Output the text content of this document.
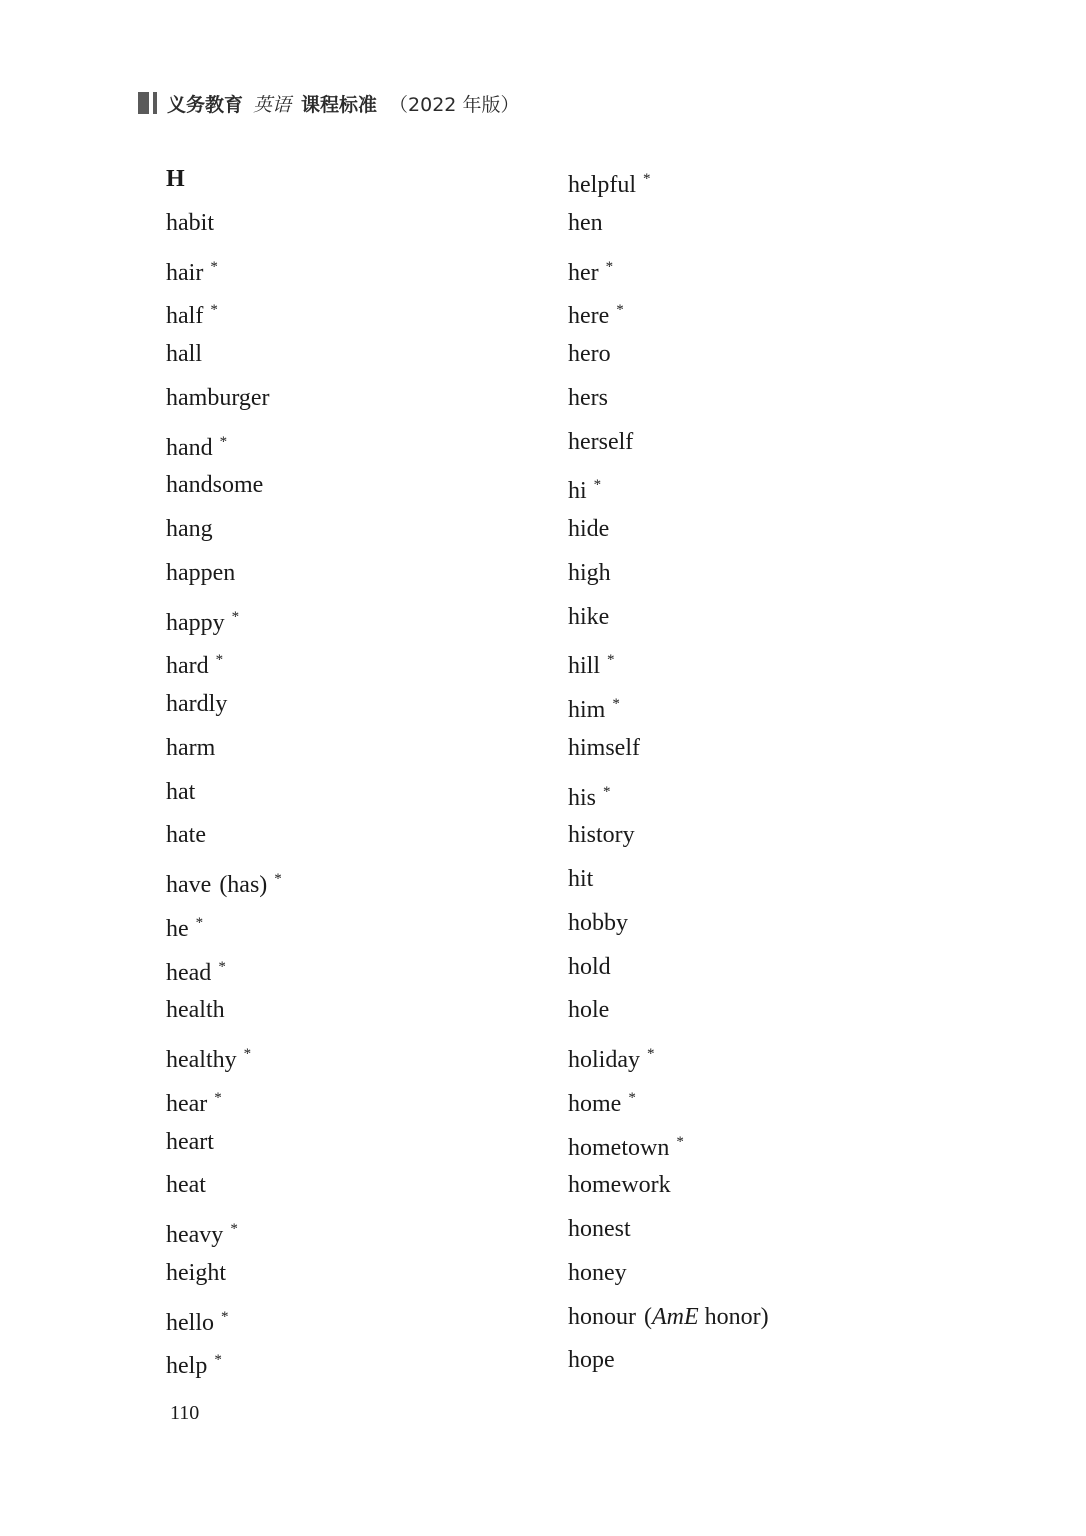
义务教育 英语 课程标准 （2022 年版）
H
habit
hair *
half *
hall
hamburger
hand *
handsome
hang
happen
happy *
hard *
hardly
harm
hat
hate
have (has) *
he *
head *
health
healthy *
hear *
heart
heat
heavy *
height
hello *
help *
helpful *
hen
her *
here *
hero
hers
herself
hi *
hide
high
hike
hill *
him *
himself
his *
history
hit
hobby
hold
hole
holiday *
home *
hometown *
homework
honest
honey
honour (AmE honor)
hope
110
